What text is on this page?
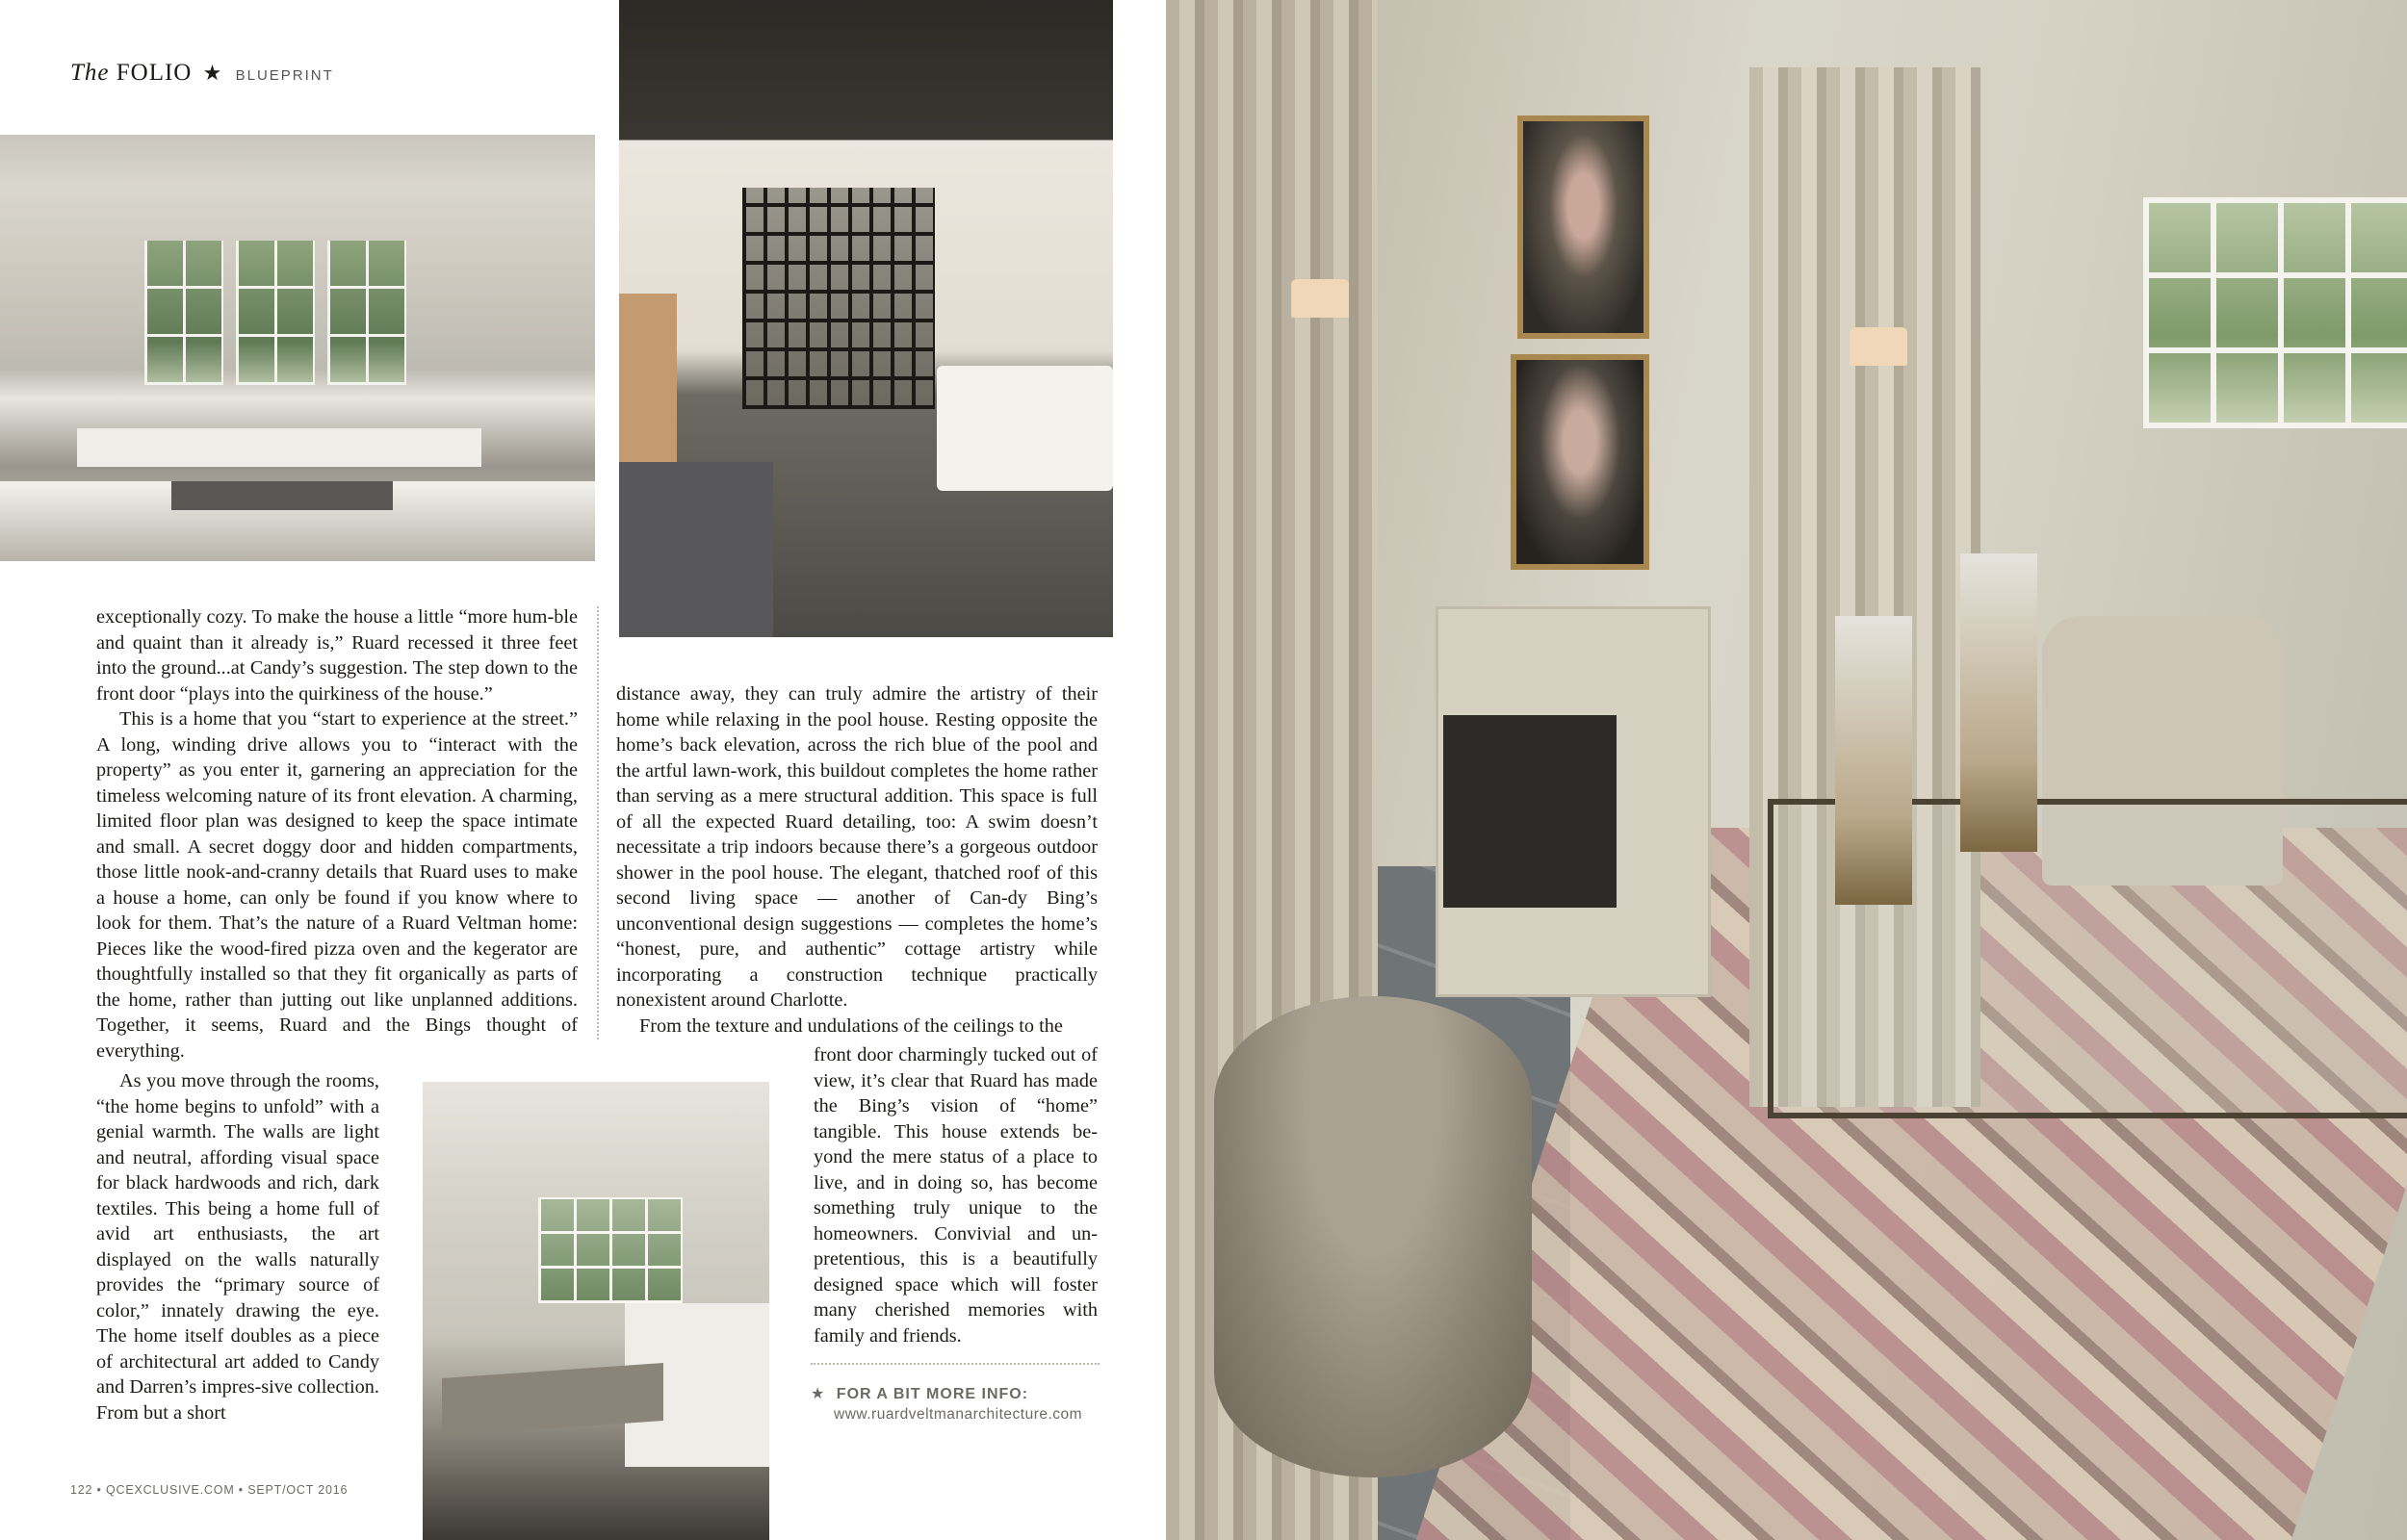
The FOLIO ★ BLUEPRINT

exceptionally cozy. To make the house a little “more hum-ble and quaint than it already is,” Ruard recessed it three feet into the ground...at Candy’s suggestion. The step down to the front door “plays into the quirkiness of the house.”

This is a home that you “start to experience at the street.” A long, winding drive allows you to “interact with the property” as you enter it, garnering an appreciation for the timeless welcoming nature of its front elevation. A charming, limited floor plan was designed to keep the space intimate and small. A secret doggy door and hidden compartments, those little nook-and-cranny details that Ruard uses to make a house a home, can only be found if you know where to look for them. That’s the nature of a Ruard Veltman home: Pieces like the wood-fired pizza oven and the kegerator are thoughtfully installed so that they fit organically as parts of the home, rather than jutting out like unplanned additions. Together, it seems, Ruard and the Bings thought of everything.

As you move through the rooms, “the home begins to unfold” with a genial warmth. The walls are light and neutral, affording visual space for black hardwoods and rich, dark textiles. This being a home full of avid art enthusiasts, the art displayed on the walls naturally provides the “primary source of color,” innately drawing the eye. The home itself doubles as a piece of architectural art added to Candy and Darren’s impres-sive collection. From but a short

distance away, they can truly admire the artistry of their home while relaxing in the pool house. Resting opposite the home’s back elevation, across the rich blue of the pool and the artful lawn-work, this buildout completes the home rather than serving as a mere structural addition. This space is full of all the expected Ruard detailing, too: A swim doesn’t necessitate a trip indoors because there’s a gorgeous outdoor shower in the pool house. The elegant, thatched roof of this second living space — another of Can-dy Bing’s unconventional design suggestions — completes the home’s “honest, pure, and authentic” cottage artistry while incorporating a construction technique practically nonexistent around Charlotte.

From the texture and undulations of the ceilings to the

front door charmingly tucked out of view, it’s clear that Ruard has made the Bing’s vision of “home” tangible. This house extends be-yond the mere status of a place to live, and in doing so, has become something truly unique to the homeowners. Convivial and un-pretentious, this is a beautifully designed space which will foster many cherished memories with family and friends.

★ FOR A BIT MORE INFO:
www.ruardveltmanarchitecture.com
122 • QCEXCLUSIVE.COM • SEPT/OCT 2016
